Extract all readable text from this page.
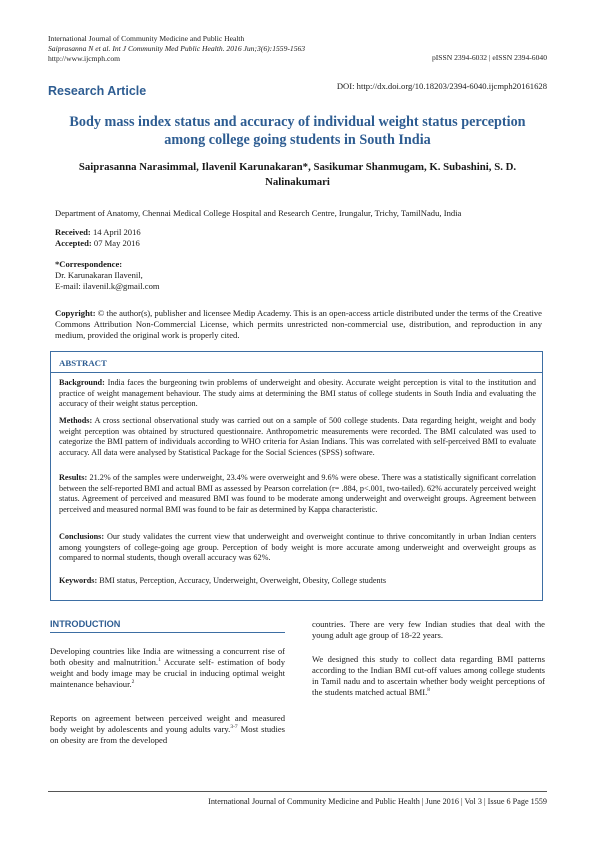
International Journal of Community Medicine and Public Health
Saiprasanna N et al. Int J Community Med Public Health. 2016 Jun;3(6):1559-1563
http://www.ijcmph.com	pISSN 2394-6032 | eISSN 2394-6040
DOI: http://dx.doi.org/10.18203/2394-6040.ijcmph20161628
Research Article
Body mass index status and accuracy of individual weight status perception among college going students in South India
Saiprasanna Narasimmal, Ilavenil Karunakaran*, Sasikumar Shanmugam, K. Subashini, S. D. Nalinakumari
Department of Anatomy, Chennai Medical College Hospital and Research Centre, Irungalur, Trichy, TamilNadu, India
Received: 14 April 2016
Accepted: 07 May 2016
*Correspondence:
Dr. Karunakaran Ilavenil,
E-mail: ilavenil.k@gmail.com
Copyright: © the author(s), publisher and licensee Medip Academy. This is an open-access article distributed under the terms of the Creative Commons Attribution Non-Commercial License, which permits unrestricted non-commercial use, distribution, and reproduction in any medium, provided the original work is properly cited.
ABSTRACT
Background: India faces the burgeoning twin problems of underweight and obesity. Accurate weight perception is vital to the institution and practice of weight management behaviour. The study aims at determining the BMI status of college students in South India and evaluating the accuracy of their weight status perception.
Methods: A cross sectional observational study was carried out on a sample of 500 college students. Data regarding height, weight and body weight perception was obtained by structured questionnaire. Anthropometric measurements were recorded. The BMI calculated was used to categorize the BMI pattern of individuals according to WHO criteria for Asian Indians. This was correlated with self-perceived BMI to evaluate accuracy. All data were analysed by Statistical Package for the Social Sciences (SPSS) software.
Results: 21.2% of the samples were underweight, 23.4% were overweight and 9.6% were obese. There was a statistically significant correlation between the self-reported BMI and actual BMI as assessed by Pearson correlation (r= .884, p<.001, two-tailed). 62% accurately perceived weight status. Agreement of perceived and measured BMI was found to be moderate among underweight and overweight groups. Agreement between perceived and measured normal BMI was found to be fair as determined by Kappa characteristic.
Conclusions: Our study validates the current view that underweight and overweight continue to thrive concomitantly in urban Indian centers among youngsters of college-going age group. Perception of body weight is more accurate among underweight and overweight groups as compared to normal students, though overall accuracy was 62%.
Keywords: BMI status, Perception, Accuracy, Underweight, Overweight, Obesity, College students
INTRODUCTION
Developing countries like India are witnessing a concurrent rise of both obesity and malnutrition.$^1$ Accurate self- estimation of body weight and body image may be crucial in inducing optimal weight maintenance behaviour.$^2$
Reports on agreement between perceived weight and measured body weight by adolescents and young adults vary.$^{3-7}$ Most studies on obesity are from the developed
countries. There are very few Indian studies that deal with the young adult age group of 18-22 years.
We designed this study to collect data regarding BMI patterns according to the Indian BMI cut-off values among college students in Tamil nadu and to ascertain whether body weight perceptions of the students matched actual BMI.$^8$
International Journal of Community Medicine and Public Health | June 2016 | Vol 3 | Issue 6 Page 1559
